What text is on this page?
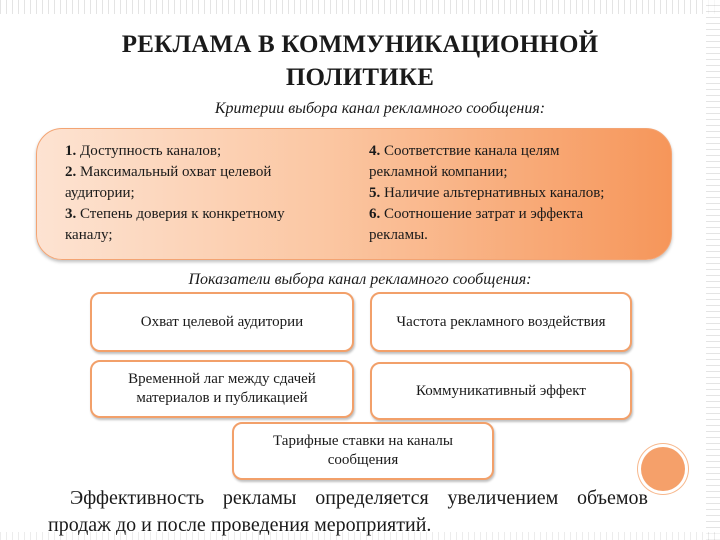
РЕКЛАМА В КОММУНИКАЦИОННОЙ
ПОЛИТИКЕ
Критерии выбора канал рекламного сообщения:
1. Доступность каналов;
2. Максимальный охват целевой
аудитории;
3. Степень доверия к конкретному
каналу;
4. Соответствие канала целям
рекламной компании;
5. Наличие альтернативных каналов;
6. Соотношение затрат и эффекта
рекламы.
Показатели выбора канал рекламного сообщения:
Охват целевой аудитории	Частота рекламного воздействия
Временной лаг между сдачей материалов и публикацией	Коммуникативный эффект
Тарифные ставки на каналы сообщения
Эффективность рекламы определяется увеличением объемов продаж до и после проведения мероприятий.
